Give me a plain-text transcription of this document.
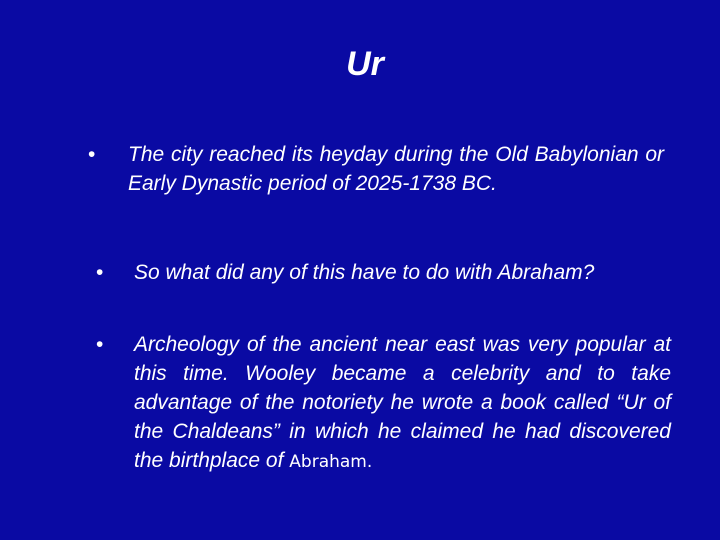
Ur
• The city reached its heyday during the Old Babylonian or Early Dynastic period of 2025-1738 BC.
• So what did any of this have to do with Abraham?
• Archeology of the ancient near east was very popular at this time. Wooley became a celebrity and to take advantage of the notoriety he wrote a book called “Ur of the Chaldeans” in which he claimed he had discovered the birthplace of Abraham.
